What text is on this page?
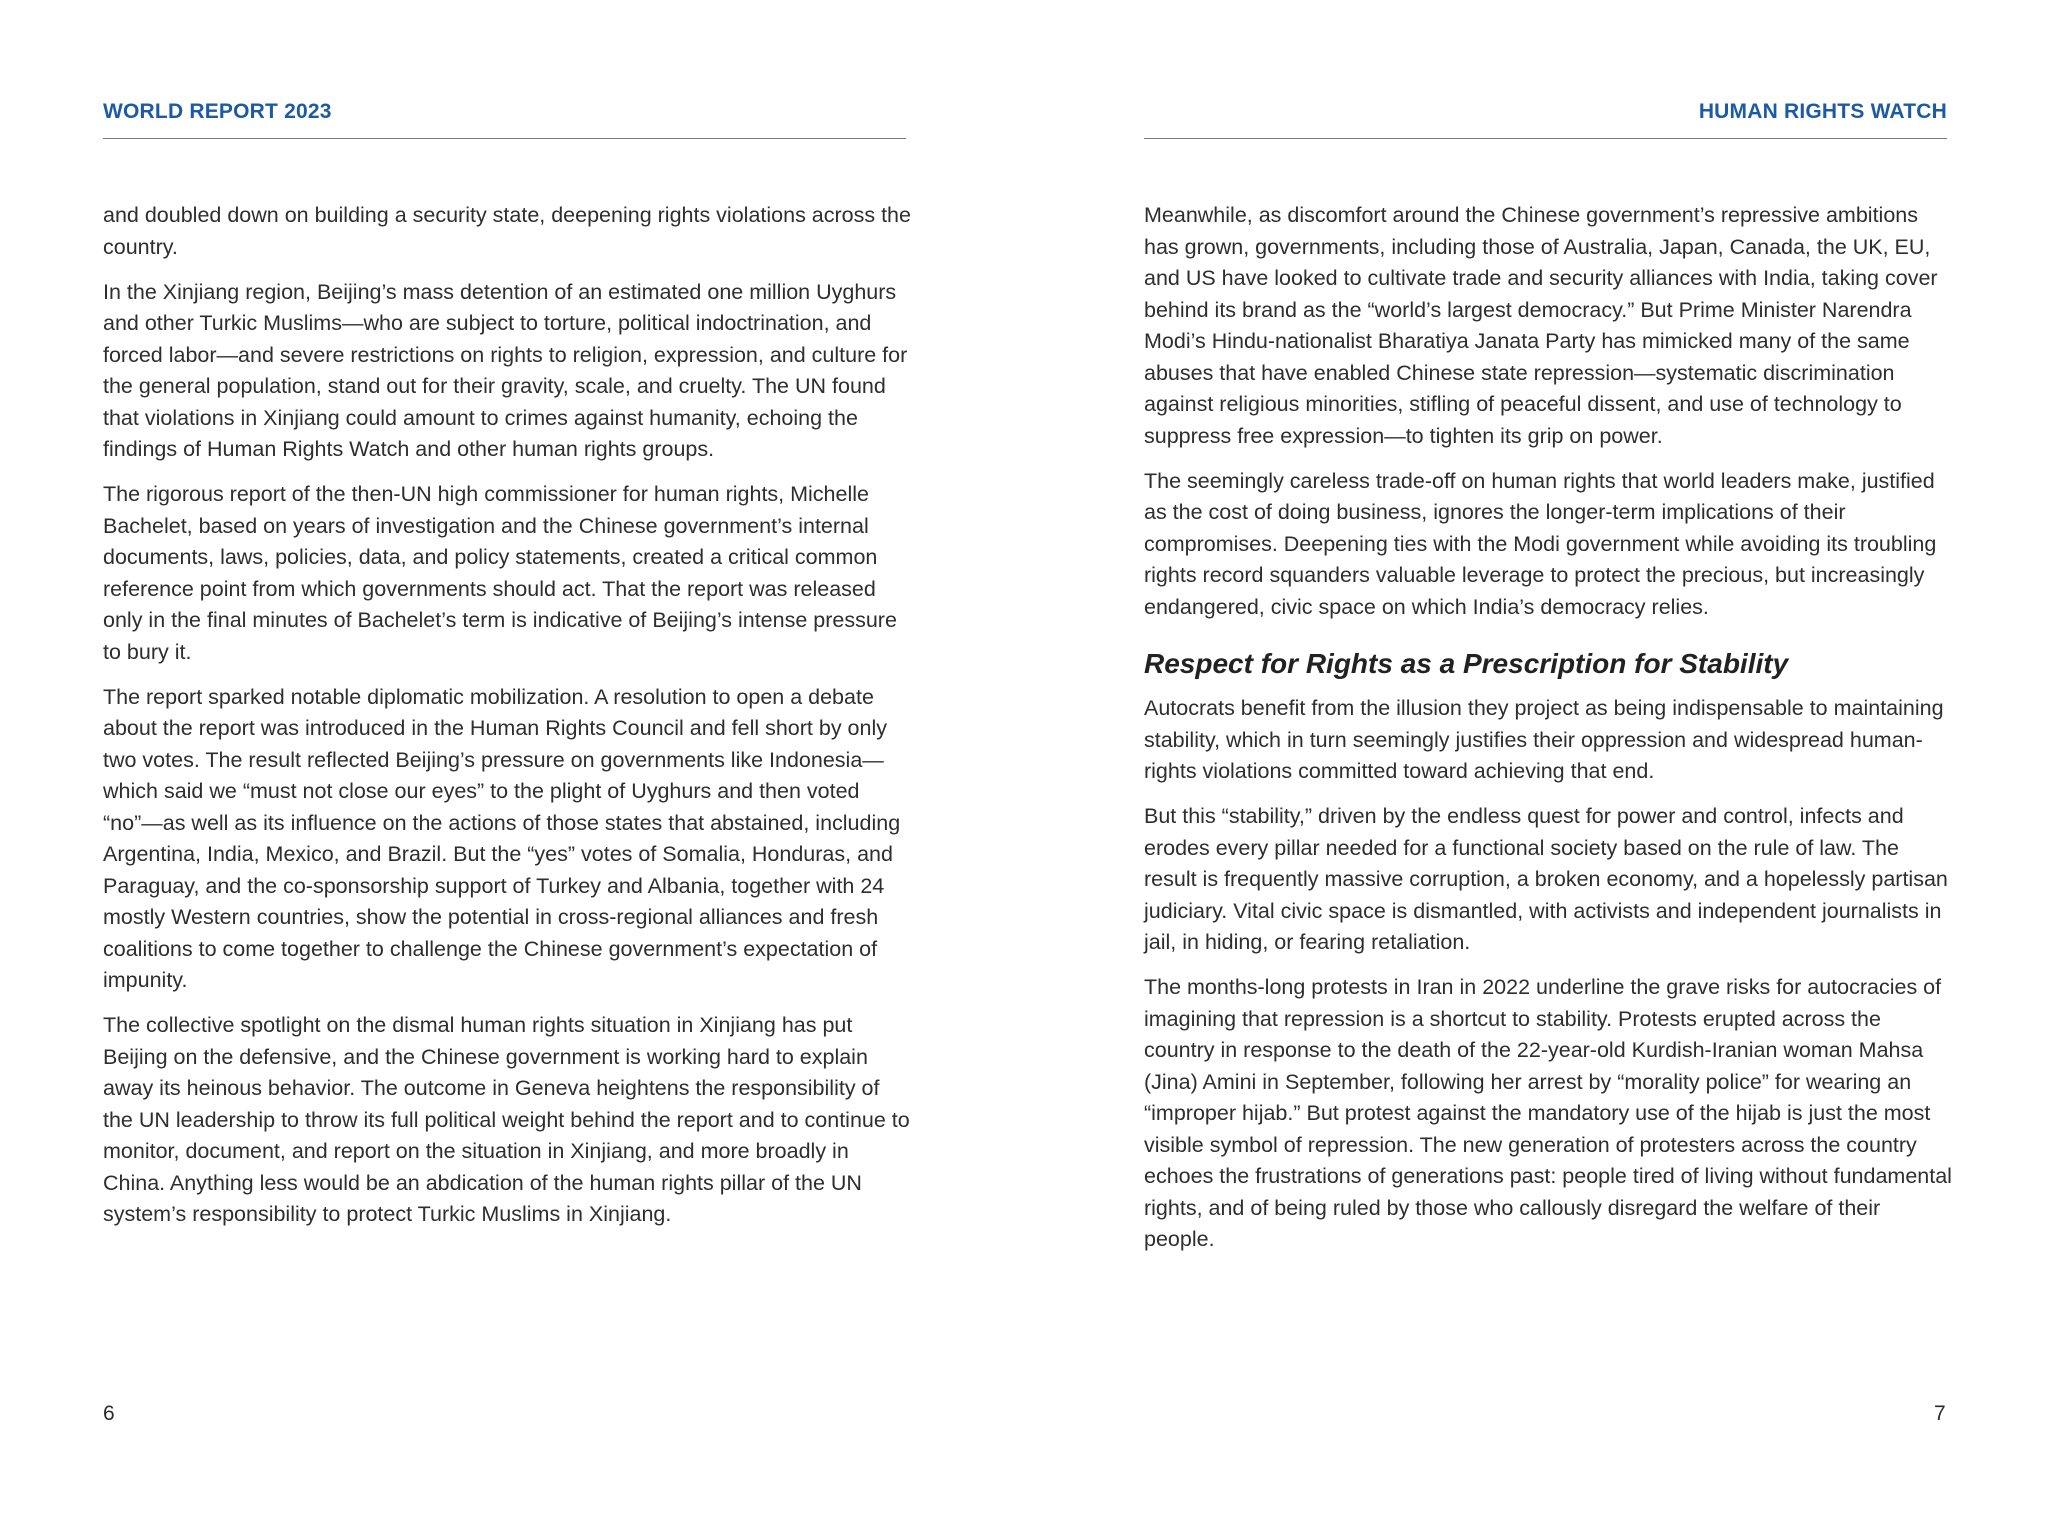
WORLD REPORT 2023

and doubled down on building a security state, deepening rights violations across the country.

In the Xinjiang region, Beijing’s mass detention of an estimated one million Uyghurs and other Turkic Muslims—who are subject to torture, political indoctrination, and forced labor—and severe restrictions on rights to religion, expression, and culture for the general population, stand out for their gravity, scale, and cruelty. The UN found that violations in Xinjiang could amount to crimes against humanity, echoing the findings of Human Rights Watch and other human rights groups.

The rigorous report of the then-UN high commissioner for human rights, Michelle Bachelet, based on years of investigation and the Chinese government’s internal documents, laws, policies, data, and policy statements, created a critical common reference point from which governments should act. That the report was released only in the final minutes of Bachelet’s term is indicative of Beijing’s intense pressure to bury it.

The report sparked notable diplomatic mobilization. A resolution to open a debate about the report was introduced in the Human Rights Council and fell short by only two votes. The result reflected Beijing’s pressure on governments like Indonesia—which said we “must not close our eyes” to the plight of Uyghurs and then voted “no”—as well as its influence on the actions of those states that abstained, including Argentina, India, Mexico, and Brazil. But the “yes” votes of Somalia, Honduras, and Paraguay, and the co-sponsorship support of Turkey and Albania, together with 24 mostly Western countries, show the potential in cross-regional alliances and fresh coalitions to come together to challenge the Chinese government’s expectation of impunity.

The collective spotlight on the dismal human rights situation in Xinjiang has put Beijing on the defensive, and the Chinese government is working hard to explain away its heinous behavior. The outcome in Geneva heightens the responsibility of the UN leadership to throw its full political weight behind the report and to continue to monitor, document, and report on the situation in Xinjiang, and more broadly in China. Anything less would be an abdication of the human rights pillar of the UN system’s responsibility to protect Turkic Muslims in Xinjiang.

6
HUMAN RIGHTS WATCH

Meanwhile, as discomfort around the Chinese government’s repressive ambitions has grown, governments, including those of Australia, Japan, Canada, the UK, EU, and US have looked to cultivate trade and security alliances with India, taking cover behind its brand as the “world’s largest democracy.” But Prime Minister Narendra Modi’s Hindu-nationalist Bharatiya Janata Party has mimicked many of the same abuses that have enabled Chinese state repression—systematic discrimination against religious minorities, stifling of peaceful dissent, and use of technology to suppress free expression—to tighten its grip on power.

The seemingly careless trade-off on human rights that world leaders make, justified as the cost of doing business, ignores the longer-term implications of their compromises. Deepening ties with the Modi government while avoiding its troubling rights record squanders valuable leverage to protect the precious, but increasingly endangered, civic space on which India’s democracy relies.

Respect for Rights as a Prescription for Stability

Autocrats benefit from the illusion they project as being indispensable to maintaining stability, which in turn seemingly justifies their oppression and widespread human-rights violations committed toward achieving that end.

But this “stability,” driven by the endless quest for power and control, infects and erodes every pillar needed for a functional society based on the rule of law. The result is frequently massive corruption, a broken economy, and a hopelessly partisan judiciary. Vital civic space is dismantled, with activists and independent journalists in jail, in hiding, or fearing retaliation.

The months-long protests in Iran in 2022 underline the grave risks for autocracies of imagining that repression is a shortcut to stability. Protests erupted across the country in response to the death of the 22-year-old Kurdish-Iranian woman Mahsa (Jina) Amini in September, following her arrest by “morality police” for wearing an “improper hijab.” But protest against the mandatory use of the hijab is just the most visible symbol of repression. The new generation of protesters across the country echoes the frustrations of generations past: people tired of living without fundamental rights, and of being ruled by those who callously disregard the welfare of their people.

7
